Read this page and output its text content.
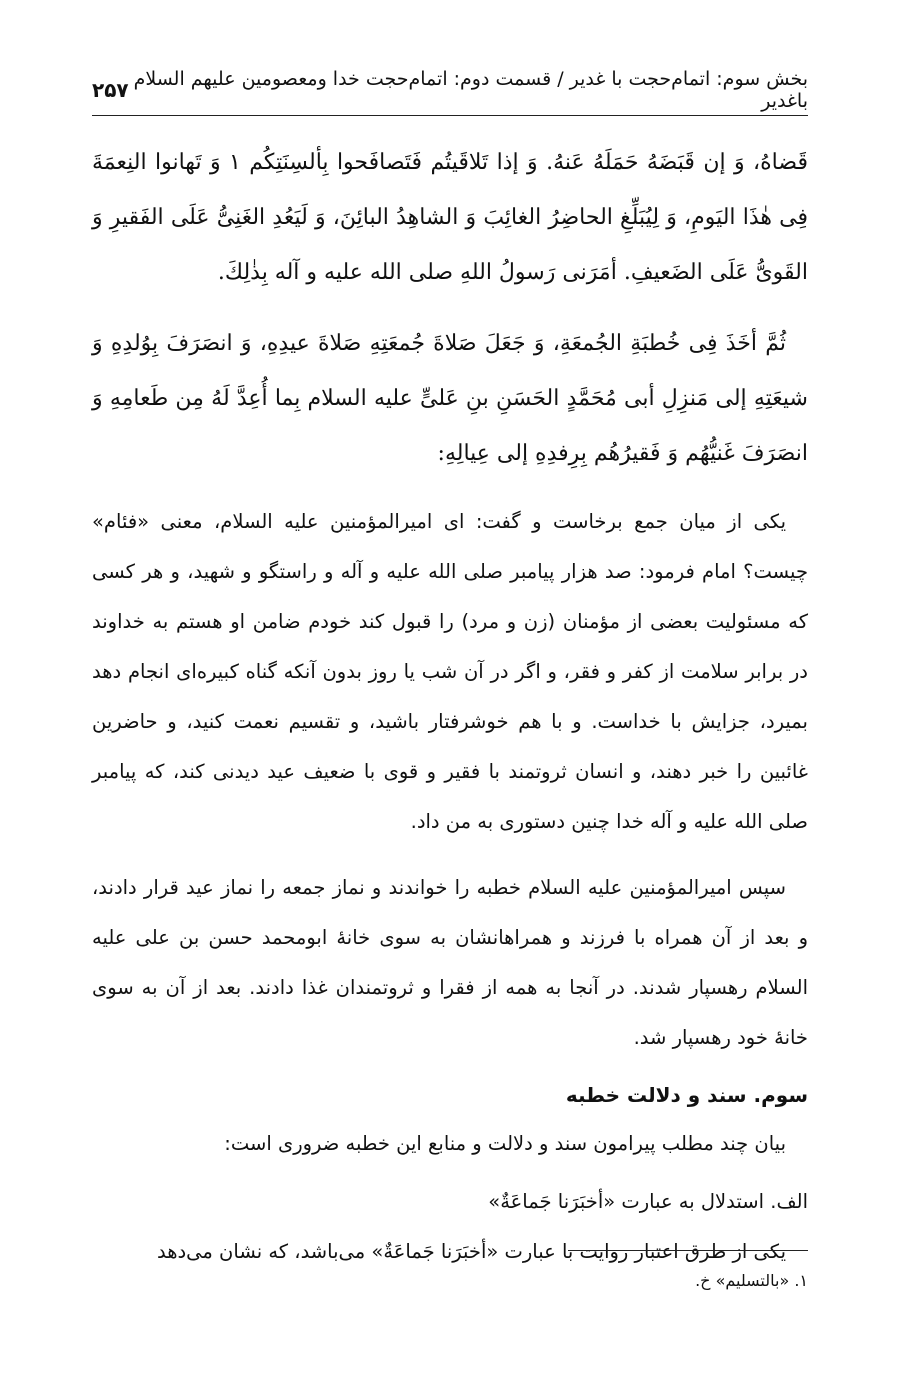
بخش سوم: اتمام‌حجت با غدیر / قسمت دوم: اتمام‌حجت خدا ومعصومین علیهم السلام باغدیر
۲۵۷

قَضاهُ، وَ إن قَبَضَهُ حَمَلَهُ عَنهُ. وَ إذا تَلاقَيتُم فَتَصافَحوا بِألسِنَتِكُم ۱ وَ تَهانوا النِعمَةَ فِى هٰذَا اليَومِ، وَ لِيُبَلِّغِ الحاضِرُ الغائِبَ وَ الشاهِدُ البائِنَ، وَ لَيَعُدِ الغَنِىُّ عَلَى الفَقيرِ وَ القَوىُّ عَلَى الضَعيفِ. أمَرَنى رَسولُ اللهِ صلی الله علیه و آله بِذٰلِكَ.

ثُمَّ أخَذَ فِى خُطبَةِ الجُمعَةِ، وَ جَعَلَ صَلاةَ جُمعَتِهِ صَلاةَ عيدِهِ، وَ انصَرَفَ بِوُلدِهِ وَ شيعَتِهِ إلى مَنزِلِ أبى مُحَمَّدٍ الحَسَنِ بنِ عَلىٍّ علیه السلام بِما أُعِدَّ لَهُ مِن طَعامِهِ وَ انصَرَفَ غَنيُّهُم وَ فَقيرُهُم بِرِفدِهِ إلى عِيالِهِ:

یکی از میان جمع برخاست و گفت: ای امیرالمؤمنین علیه السلام، معنی «فئام» چیست؟ امام فرمود: صد هزار پیامبر صلی الله علیه و آله و راستگو و شهید، و هر کسی که مسئولیت بعضی از مؤمنان (زن و مرد) را قبول کند خودم ضامن او هستم به خداوند در برابر سلامت از کفر و فقر، و اگر در آن شب یا روز بدون آنکه گناه کبیره‌ای انجام دهد بمیرد، جزایش با خداست. و با هم خوشرفتار باشید، و تقسیم نعمت کنید، و حاضرین غائبین را خبر دهند، و انسان ثروتمند با فقیر و قوی با ضعیف عید دیدنی کند، که پیامبر صلی الله علیه و آله خدا چنین دستوری به من داد.

سپس امیرالمؤمنین علیه السلام خطبه را خواندند و نماز جمعه را نماز عید قرار دادند، و بعد از آن همراه با فرزند و همراهانشان به سوی خانهٔ ابومحمد حسن بن علی علیه السلام رهسپار شدند. در آنجا به همه از فقرا و ثروتمندان غذا دادند. بعد از آن به سوی خانهٔ خود رهسپار شد.

سوم. سند و دلالت خطبه

بیان چند مطلب پیرامون سند و دلالت و منابع این خطبه ضروری است:

الف. استدلال به عبارت «أخبَرَنا جَماعَةٌ»

یکی از طرق اعتبار روایت با عبارت «أخبَرَنا جَماعَةٌ» می‌باشد، که نشان می‌دهد

۱. «بالتسلیم» خ.
